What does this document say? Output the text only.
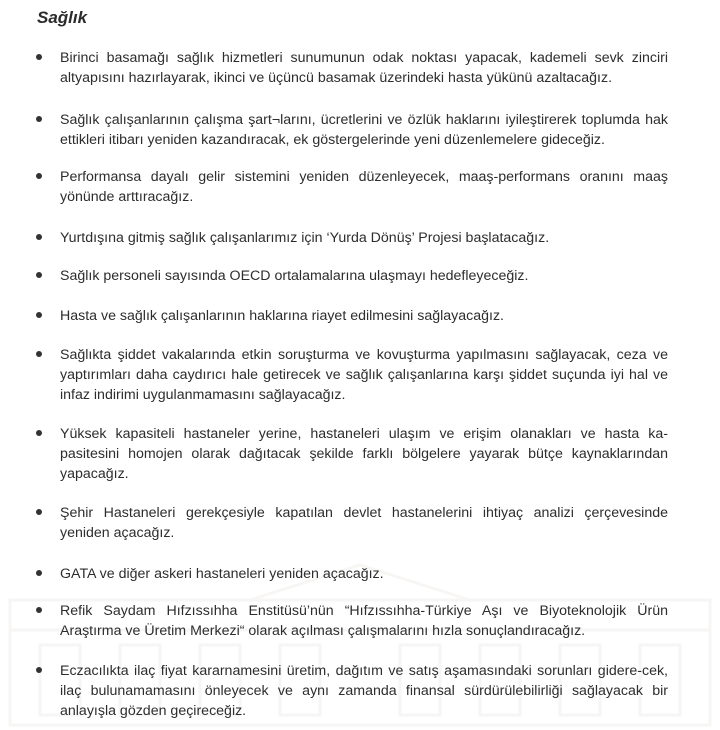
Sağlık

Birinci basamağı sağlık hizmetleri sunumunun odak noktası yapacak, kademeli sevk zinciri altyapısını hazırlayarak, ikinci ve üçüncü basamak üzerindeki hasta yükünü azaltacağız.

Sağlık çalışanlarının çalışma şart¬larını, ücretlerini ve özlük haklarını iyileştirerek toplumda hak ettikleri itibarı yeniden kazandıracak, ek göstergelerinde yeni düzenlemelere gideceğiz.

Performansa dayalı gelir sistemini yeniden düzenleyecek, maaş-performans oranını maaş yönünde arttıracağız.

Yurtdışına gitmiş sağlık çalışanlarımız için ‘Yurda Dönüş’ Projesi başlatacağız.

Sağlık personeli sayısında OECD ortalamalarına ulaşmayı hedefleyeceğiz.

Hasta ve sağlık çalışanlarının haklarına riayet edilmesini sağlayacağız.

Sağlıkta şiddet vakalarında etkin soruşturma ve kovuşturma yapılmasını sağlayacak, ceza ve yaptırımları daha caydırıcı hale getirecek ve sağlık çalışanlarına karşı şiddet suçunda iyi hal ve infaz indirimi uygulanmamasını sağlayacağız.

Yüksek kapasiteli hastaneler yerine, hastaneleri ulaşım ve erişim olanakları ve hasta ka-pasitesini homojen olarak dağıtacak şekilde farklı bölgelere yayarak bütçe kaynaklarından yapacağız.

Şehir Hastaneleri gerekçesiyle kapatılan devlet hastanelerini ihtiyaç analizi çerçevesinde yeniden açacağız.

GATA ve diğer askeri hastaneleri yeniden açacağız.

Refik Saydam Hıfzıssıhha Enstitüsü’nün “Hıfzıssıhha-Türkiye Aşı ve Biyoteknolojik Ürün Araştırma ve Üretim Merkezi“ olarak açılması çalışmalarını hızla sonuçlandıracağız.

Eczacılıkta ilaç fiyat kararnamesini üretim, dağıtım ve satış aşamasındaki sorunları gidere-cek, ilaç bulunamamasını önleyecek ve aynı zamanda finansal sürdürülebilirliği sağlayacak bir anlayışla gözden geçireceğiz.
